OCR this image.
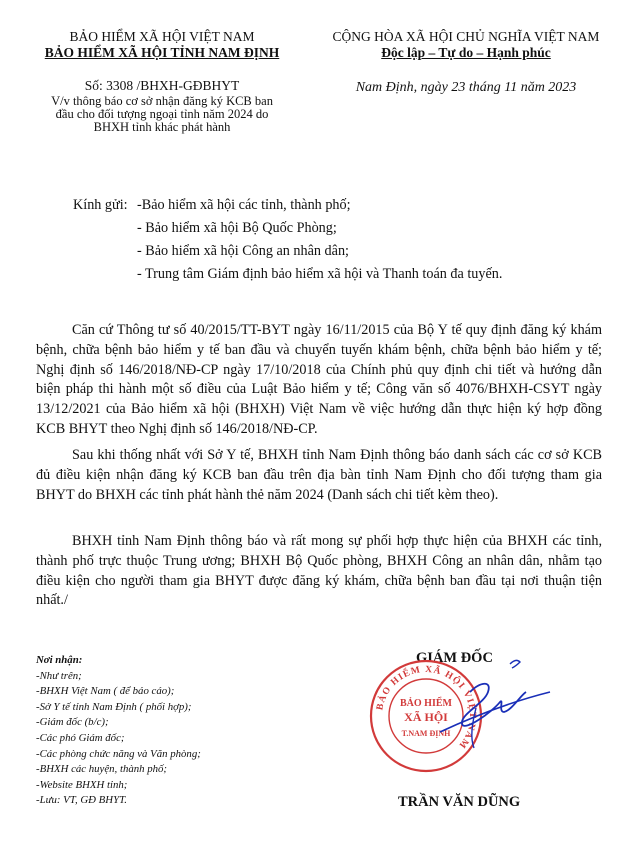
BẢO HIỂM XÃ HỘI VIỆT NAM
BẢO HIỂM XÃ HỘI TỈNH NAM ĐỊNH
Số: 3308 /BHXH-GĐBHYT
V/v thông báo cơ sở nhận đăng ký KCB ban
đầu cho đối tượng ngoại tỉnh năm 2024 do
BHXH tỉnh khác phát hành
CỘNG HÒA XÃ HỘI CHỦ NGHĨA VIỆT NAM
Độc lập – Tự do – Hạnh phúc
Nam Định, ngày 23 tháng 11 năm 2023
Kính gửi: -Bảo hiểm xã hội các tỉnh, thành phố;
- Bảo hiểm xã hội Bộ Quốc Phòng;
- Bảo hiểm xã hội Công an nhân dân;
- Trung tâm Giám định bảo hiểm xã hội và Thanh toán đa tuyến.
Căn cứ Thông tư số 40/2015/TT-BYT ngày 16/11/2015 của Bộ Y tế quy định đăng ký khám bệnh, chữa bệnh bảo hiểm y tế ban đầu và chuyển tuyến khám bệnh, chữa bệnh bảo hiểm y tế; Nghị định số 146/2018/NĐ-CP ngày 17/10/2018 của Chính phủ quy định chi tiết và hướng dẫn biện pháp thi hành một số điều của Luật Bảo hiểm y tế; Công văn số 4076/BHXH-CSYT ngày 13/12/2021 của Bảo hiểm xã hội (BHXH) Việt Nam về việc hướng dẫn thực hiện ký hợp đồng KCB BHYT theo Nghị định số 146/2018/NĐ-CP.
Sau khi thống nhất với Sở Y tế, BHXH tỉnh Nam Định thông báo danh sách các cơ sở KCB đủ điều kiện nhận đăng ký KCB ban đầu trên địa bàn tỉnh Nam Định cho đối tượng tham gia BHYT do BHXH các tỉnh phát hành thẻ năm 2024 (Danh sách chi tiết kèm theo).
BHXH tỉnh Nam Định thông báo và rất mong sự phối hợp thực hiện của BHXH các tỉnh, thành phố trực thuộc Trung ương; BHXH Bộ Quốc phòng, BHXH Công an nhân dân, nhằm tạo điều kiện cho người tham gia BHYT được đăng ký khám, chữa bệnh ban đầu tại nơi thuận tiện nhất./
Nơi nhận:
-Như trên;
-BHXH Việt Nam ( để báo cáo);
-Sở Y tế tỉnh Nam Định ( phối hợp);
-Giám đốc (b/c);
-Các phó Giám đốc;
-Các phòng chức năng và Văn phòng;
-BHXH các huyện, thành phố;
-Website BHXH tỉnh;
-Lưu: VT, GĐ BHYT.
GIÁM ĐỐC
BẢO HIỂM XÃ HỘI VIỆT NAM
BẢO HIỂM
XÃ HỘI
T.NAM ĐỊNH
TRẦN VĂN DŨNG
